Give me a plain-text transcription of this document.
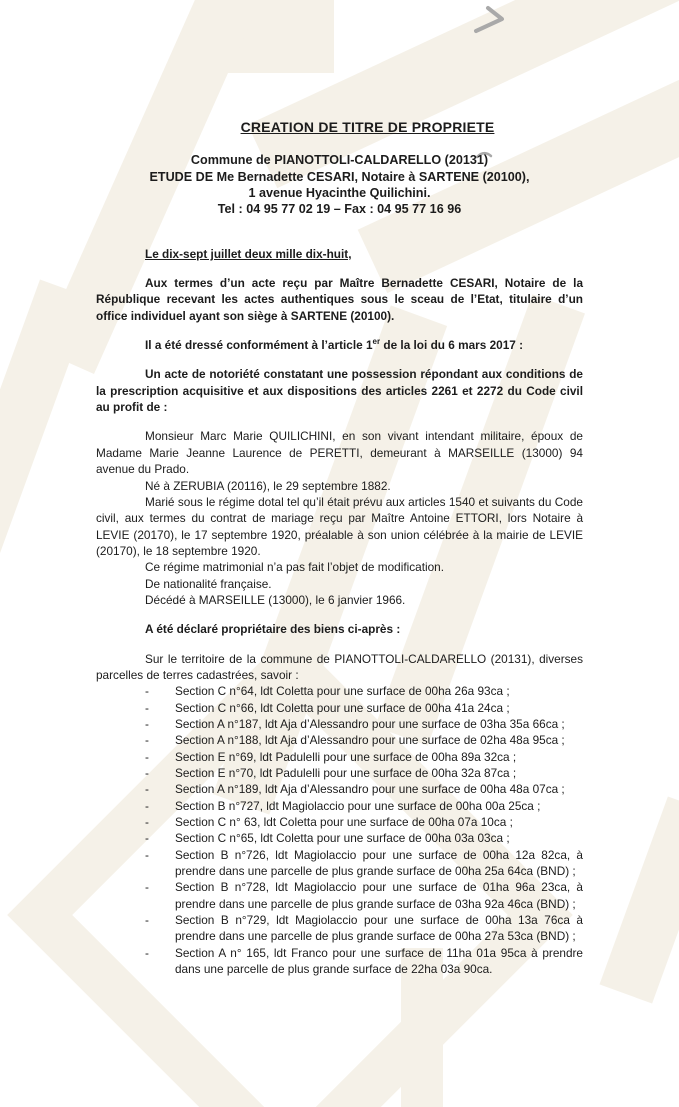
CREATION DE TITRE DE PROPRIETE
Commune de PIANOTTOLI-CALDARELLO (20131)
ETUDE DE Me Bernadette CESARI, Notaire à SARTENE (20100),
1 avenue Hyacinthe Quilichini.
Tel : 04 95 77 02 19 – Fax : 04 95 77 16 96

Le dix-sept juillet deux mille dix-huit,

Aux termes d’un acte reçu par Maître Bernadette CESARI, Notaire de la République recevant les actes authentiques sous le sceau de l’Etat, titulaire d’un office individuel ayant son siège à SARTENE (20100).

Il a été dressé conformément à l’article 1er de la loi du 6 mars 2017 :

Un acte de notoriété constatant une possession répondant aux conditions de la prescription acquisitive et aux dispositions des articles 2261 et 2272 du Code civil au profit de :

Monsieur Marc Marie QUILICHINI, en son vivant intendant militaire, époux de Madame Marie Jeanne Laurence de PERETTI, demeurant à MARSEILLE (13000) 94 avenue du Prado.

Né à ZERUBIA (20116), le 29 septembre 1882.

Marié sous le régime dotal tel qu’il était prévu aux articles 1540 et suivants du Code civil, aux termes du contrat de mariage reçu par Maître Antoine ETTORI, lors Notaire à LEVIE (20170), le 17 septembre 1920, préalable à son union célébrée à la mairie de LEVIE (20170), le 18 septembre 1920.

Ce régime matrimonial n’a pas fait l’objet de modification.

De nationalité française.

Décédé à MARSEILLE (13000), le 6 janvier 1966.

A été déclaré propriétaire des biens ci-après :

Sur le territoire de la commune de PIANOTTOLI-CALDARELLO (20131), diverses parcelles de terres cadastrées, savoir :

- Section C n°64, ldt Coletta pour une surface de 00ha 26a 93ca ;
- Section C n°66, ldt Coletta pour une surface de 00ha 41a 24ca ;
- Section A n°187, ldt Aja d’Alessandro pour une surface de 03ha 35a 66ca ;
- Section A n°188, ldt Aja d’Alessandro pour une surface de 02ha 48a 95ca ;
- Section E n°69, ldt Padulelli pour une surface de 00ha 89a 32ca ;
- Section E n°70, ldt Padulelli pour une surface de 00ha 32a 87ca ;
- Section A n°189, ldt Aja d’Alessandro pour une surface de 00ha 48a 07ca ;
- Section B n°727, ldt Magiolaccio pour une surface de 00ha 00a 25ca ;
- Section C n° 63, ldt Coletta pour une surface de 00ha 07a 10ca ;
- Section C n°65, ldt Coletta pour une surface de 00ha 03a 03ca ;
- Section B n°726, ldt Magiolaccio pour une surface de 00ha 12a 82ca, à prendre dans une parcelle de plus grande surface de 00ha 25a 64ca (BND) ;
- Section B n°728, ldt Magiolaccio pour une surface de 01ha 96a 23ca, à prendre dans une parcelle de plus grande surface de 03ha 92a 46ca (BND) ;
- Section B n°729, ldt Magiolaccio pour une surface de 00ha 13a 76ca à prendre dans une parcelle de plus grande surface de 00ha 27a 53ca (BND) ;
- Section A n° 165, ldt Franco pour une surface de 11ha 01a 95ca à prendre dans une parcelle de plus grande surface de 22ha 03a 90ca.
